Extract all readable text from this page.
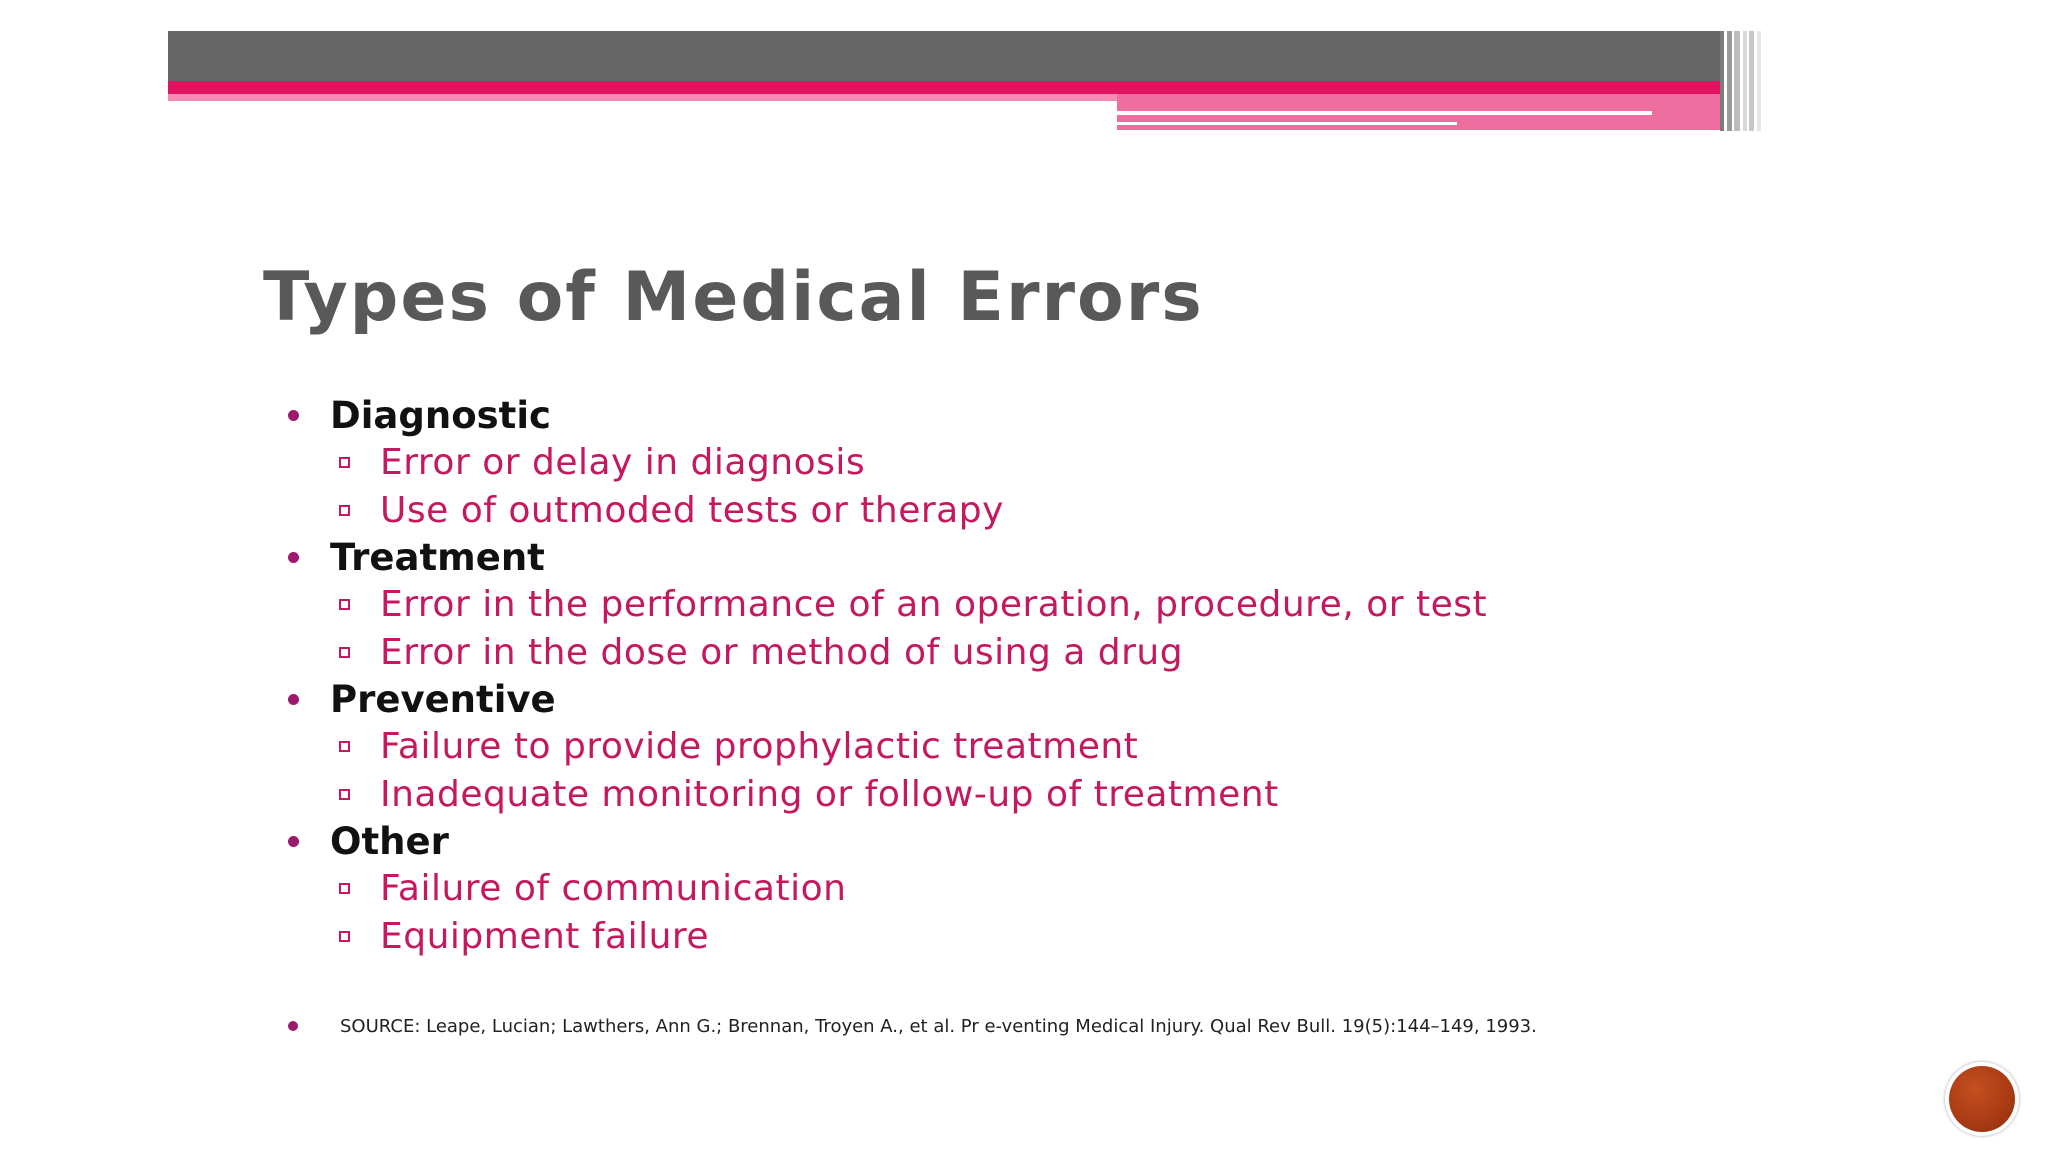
Types of Medical Errors
Diagnostic
Error or delay in diagnosis
Use of outmoded tests or therapy
Treatment
Error in the performance of an operation, procedure, or test
Error in the dose or method of using a drug
Preventive
Failure to provide prophylactic treatment
Inadequate monitoring or follow-up of treatment
Other
Failure of communication
Equipment failure
SOURCE: Leape, Lucian; Lawthers, Ann G.; Brennan, Troyen A., et al. Pr e-venting Medical Injury. Qual Rev Bull. 19(5):144–149, 1993.
